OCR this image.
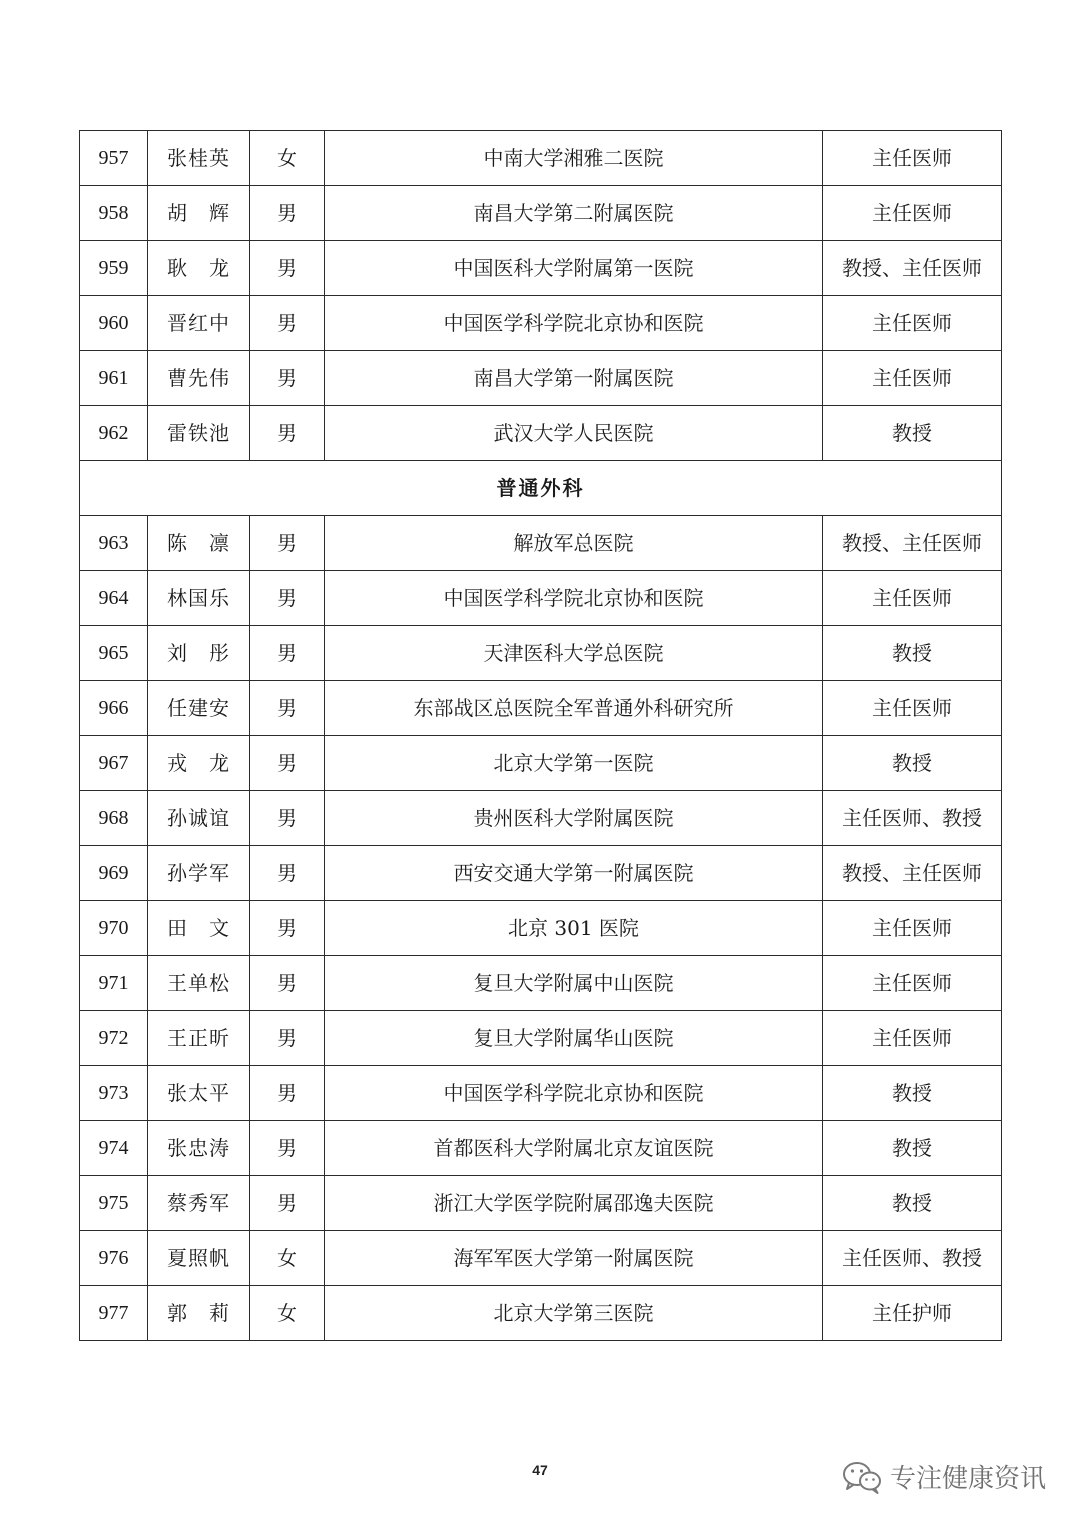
957	张桂英	女	中南大学湘雅二医院	主任医师
958	胡　辉	男	南昌大学第二附属医院	主任医师
959	耿　龙	男	中国医科大学附属第一医院	教授、主任医师
960	晋红中	男	中国医学科学院北京协和医院	主任医师
961	曹先伟	男	南昌大学第一附属医院	主任医师
962	雷铁池	男	武汉大学人民医院	教授
普通外科				
963	陈　凛	男	解放军总医院	教授、主任医师
964	林国乐	男	中国医学科学院北京协和医院	主任医师
965	刘　彤	男	天津医科大学总医院	教授
966	任建安	男	东部战区总医院全军普通外科研究所	主任医师
967	戎　龙	男	北京大学第一医院	教授
968	孙诚谊	男	贵州医科大学附属医院	主任医师、教授
969	孙学军	男	西安交通大学第一附属医院	教授、主任医师
970	田　文	男	北京 301 医院	主任医师
971	王单松	男	复旦大学附属中山医院	主任医师
972	王正昕	男	复旦大学附属华山医院	主任医师
973	张太平	男	中国医学科学院北京协和医院	教授
974	张忠涛	男	首都医科大学附属北京友谊医院	教授
975	蔡秀军	男	浙江大学医学院附属邵逸夫医院	教授
976	夏照帆	女	海军军医大学第一附属医院	主任医师、教授
977	郭　莉	女	北京大学第三医院	主任护师
47	专注健康资讯
